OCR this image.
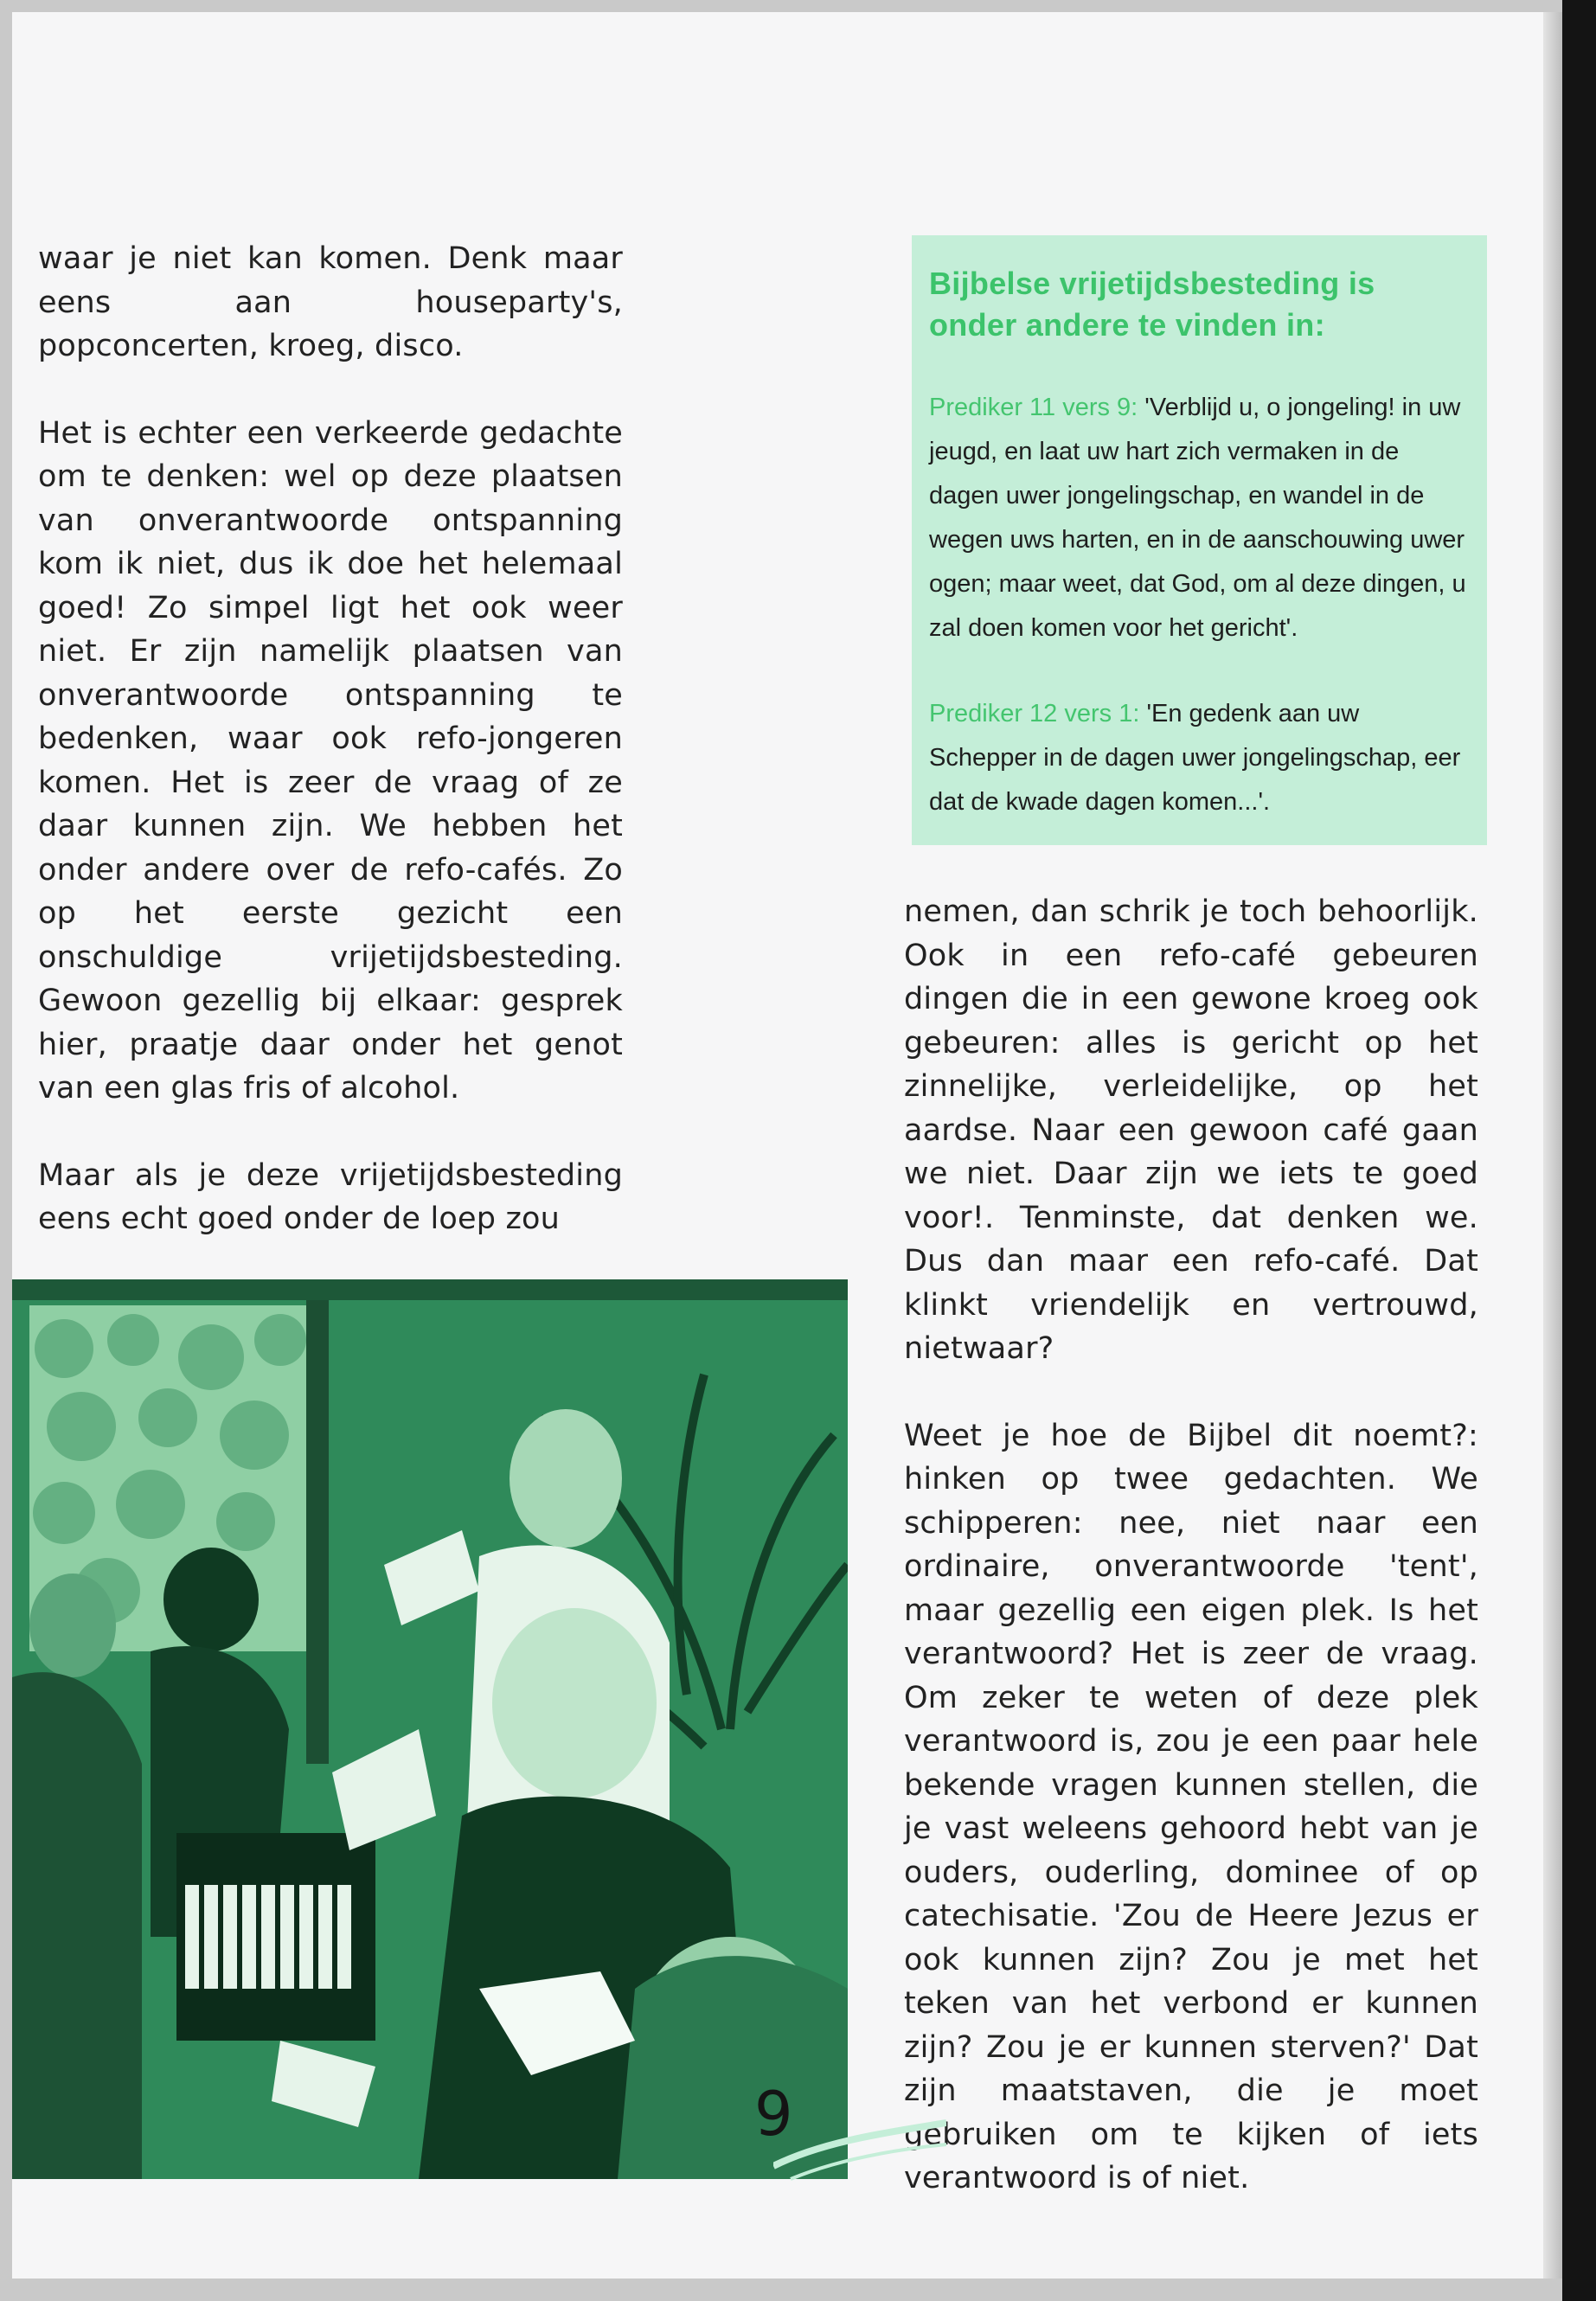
waar je niet kan komen. Denk maar eens aan houseparty's, popconcerten, kroeg, disco.

Het is echter een verkeerde gedachte om te denken: wel op deze plaatsen van onverantwoorde ontspanning kom ik niet, dus ik doe het helemaal goed! Zo simpel ligt het ook weer niet. Er zijn namelijk plaatsen van onverantwoorde ontspanning te bedenken, waar ook refo-jongeren komen. Het is zeer de vraag of ze daar kunnen zijn. We hebben het onder andere over de refo-cafés. Zo op het eerste gezicht een onschuldige vrijetijdsbesteding. Gewoon gezellig bij elkaar: gesprek hier, praatje daar onder het genot van een glas fris of alcohol.

Maar als je deze vrijetijdsbesteding eens echt goed onder de loep zou

Bijbelse vrijetijdsbesteding is onder andere te vinden in:
Prediker 11 vers 9: 'Verblijd u, o jongeling! in uw jeugd, en laat uw hart zich vermaken in de dagen uwer jongelingschap, en wandel in de wegen uws harten, en in de aanschouwing uwer ogen; maar weet, dat God, om al deze dingen, u zal doen komen voor het gericht'.
Prediker 12 vers 1: 'En gedenk aan uw Schepper in de dagen uwer jongelingschap, eer dat de kwade dagen komen...'.

nemen, dan schrik je toch behoorlijk. Ook in een refo-café gebeuren dingen die in een gewone kroeg ook gebeuren: alles is gericht op het zinnelijke, verleidelijke, op het aardse. Naar een gewoon café gaan we niet. Daar zijn we iets te goed voor!. Tenminste, dat denken we. Dus dan maar een refo-café. Dat klinkt vriendelijk en vertrouwd, nietwaar?

Weet je hoe de Bijbel dit noemt?: hinken op twee gedachten. We schipperen: nee, niet naar een ordinaire, onverantwoorde 'tent', maar gezellig een eigen plek. Is het verantwoord? Het is zeer de vraag. Om zeker te weten of deze plek verantwoord is, zou je een paar hele bekende vragen kunnen stellen, die je vast weleens gehoord hebt van je ouders, ouderling, dominee of op catechisatie. 'Zou de Heere Jezus er ook kunnen zijn? Zou je met het teken van het verbond er kunnen zijn? Zou je er kunnen sterven?' Dat zijn maatstaven, die je moet gebruiken om te kijken of iets verantwoord is of niet.

9
